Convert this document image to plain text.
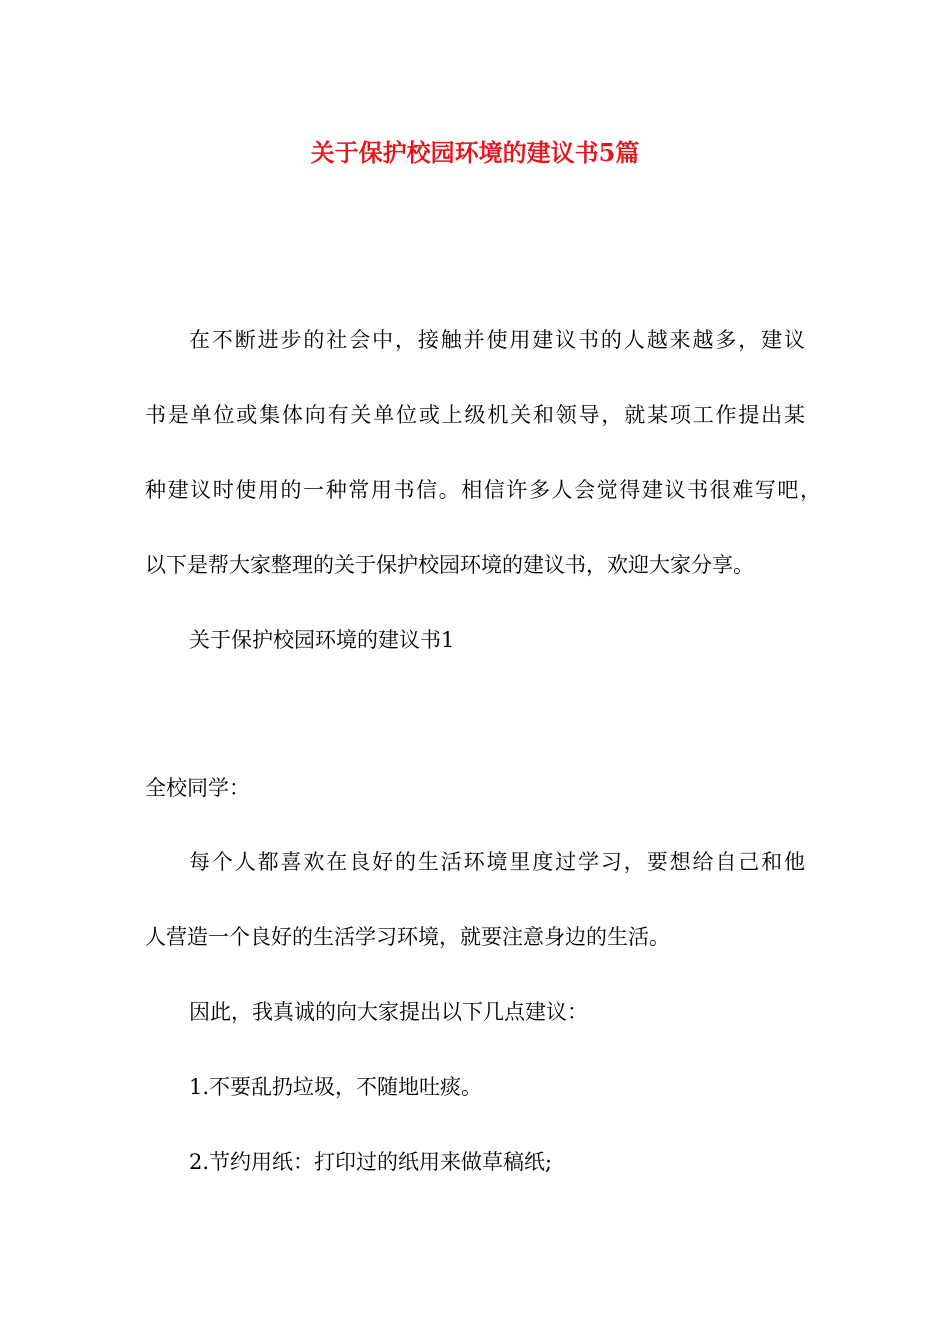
关于保护校园环境的建议书5篇
在不断进步的社会中，接触并使用建议书的人越来越多，建议
书是单位或集体向有关单位或上级机关和领导，就某项工作提出某
种建议时使用的一种常用书信。相信许多人会觉得建议书很难写吧，
以下是帮大家整理的关于保护校园环境的建议书，欢迎大家分享。
关于保护校园环境的建议书1
全校同学：
每个人都喜欢在良好的生活环境里度过学习，要想给自己和他
人营造一个良好的生活学习环境，就要注意身边的生活。
因此，我真诚的向大家提出以下几点建议：
1.不要乱扔垃圾，不随地吐痰。
2.节约用纸：打印过的纸用来做草稿纸;
